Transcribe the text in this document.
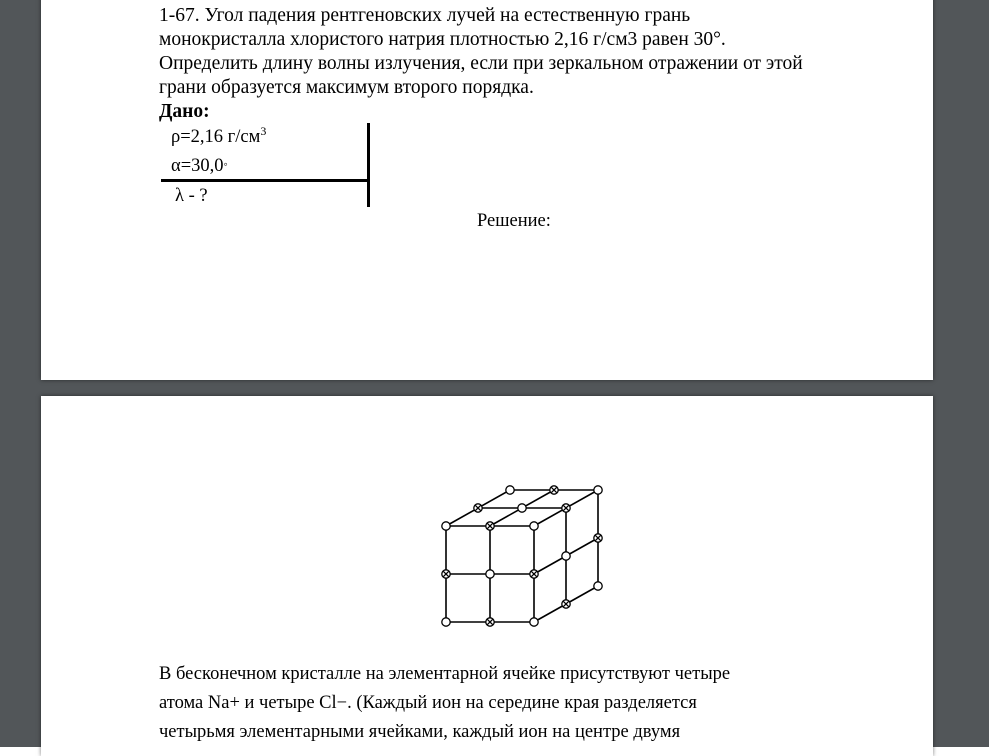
1-67. Угол падения рентгеновских лучей на естественную грань
монокристалла хлористого натрия плотностью 2,16 г/см3 равен 30°.
Определить длину волны излучения, если при зеркальном отражении от этой
грани образуется максимум второго порядка.
Дано:
ρ=2,16 $г/см^3$
α=30,0◦
λ - ?
Решение:
В бесконечном кристалле на элементарной ячейке присутствуют четыре
атома Na+ и четыре Cl−. (Каждый ион на середине края разделяется
четырьмя элементарными ячейками, каждый ион на центре двумя
